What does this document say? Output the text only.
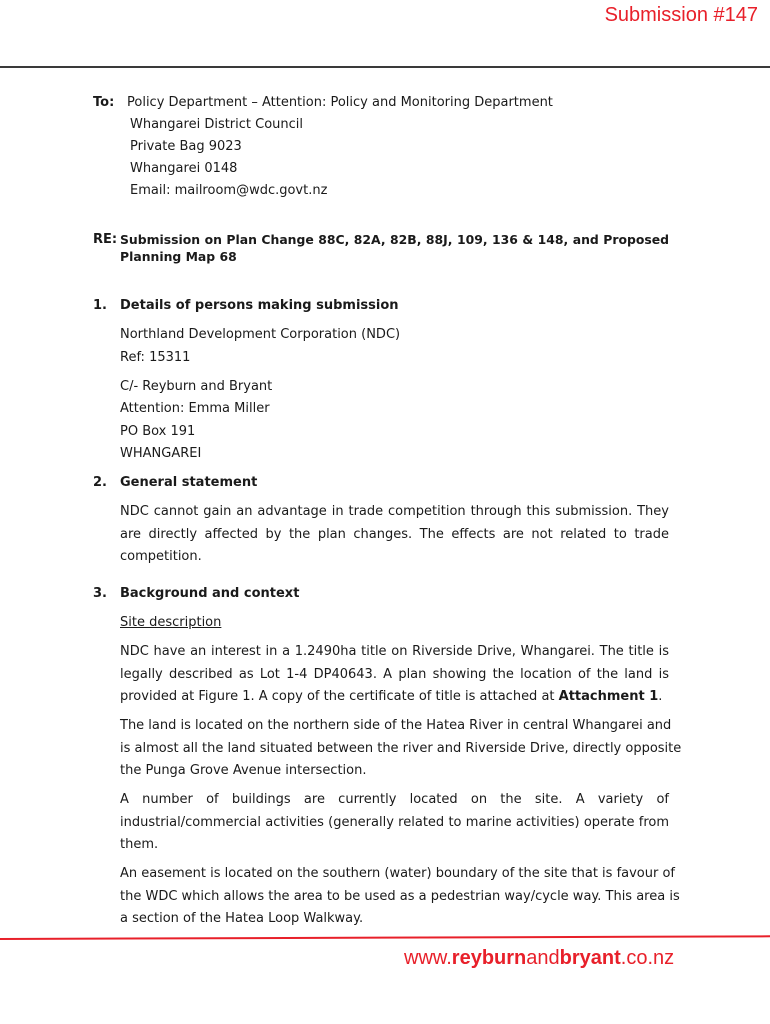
Submission #147
To: Policy Department – Attention: Policy and Monitoring Department
Whangarei District Council
Private Bag 9023
Whangarei 0148
Email: mailroom@wdc.govt.nz
RE: Submission on Plan Change 88C, 82A, 82B, 88J, 109, 136 & 148, and Proposed
Planning Map 68
1. Details of persons making submission
Northland Development Corporation (NDC)
Ref: 15311
C/- Reyburn and Bryant
Attention: Emma Miller
PO Box 191
WHANGAREI
2. General statement
NDC cannot gain an advantage in trade competition through this submission. They
are directly affected by the plan changes. The effects are not related to trade
competition.
3. Background and context
Site description
NDC have an interest in a 1.2490ha title on Riverside Drive, Whangarei. The title is
legally described as Lot 1-4 DP40643. A plan showing the location of the land is
provided at Figure 1. A copy of the certificate of title is attached at Attachment 1.
The land is located on the northern side of the Hatea River in central Whangarei and
is almost all the land situated between the river and Riverside Drive, directly opposite
the Punga Grove Avenue intersection.
A number of buildings are currently located on the site. A variety of
industrial/commercial activities (generally related to marine activities) operate from
them.
An easement is located on the southern (water) boundary of the site that is favour of
the WDC which allows the area to be used as a pedestrian way/cycle way. This area is
a section of the Hatea Loop Walkway.
www.reyburnandbryant.co.nz
